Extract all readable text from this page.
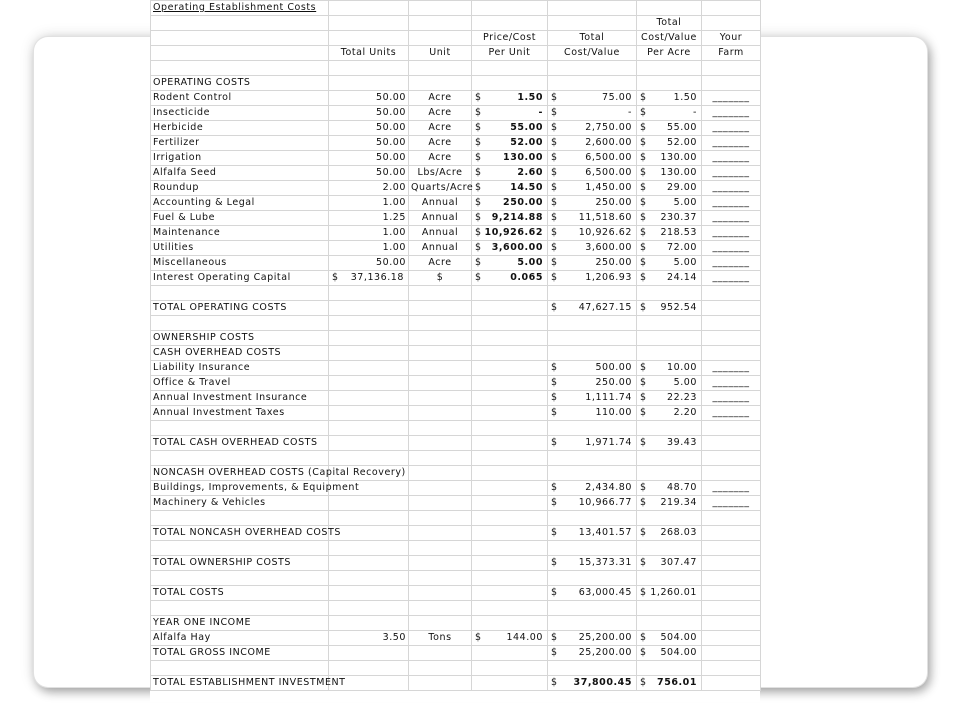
Operating Establishment Costs						
					Total	
			Price/Cost	Total	Cost/Value	Your
	Total Units	Unit	Per Unit	Cost/Value	Per Acre	Farm

OPERATING COSTS						
Rodent Control	50.00	Acre	$ 1.50	$ 75.00	$ 1.50	_______
Insecticide	50.00	Acre	$ -	$ -	$ -	_______
Herbicide	50.00	Acre	$ 55.00	$ 2,750.00	$ 55.00	_______
Fertilizer	50.00	Acre	$ 52.00	$ 2,600.00	$ 52.00	_______
Irrigation	50.00	Acre	$ 130.00	$ 6,500.00	$ 130.00	_______
Alfalfa Seed	50.00	Lbs/Acre	$ 2.60	$ 6,500.00	$ 130.00	_______
Roundup	2.00	Quarts/Acre	$ 14.50	$ 1,450.00	$ 29.00	_______
Accounting & Legal	1.00	Annual	$ 250.00	$ 250.00	$ 5.00	_______
Fuel & Lube	1.25	Annual	$ 9,214.88	$ 11,518.60	$ 230.37	_______
Maintenance	1.00	Annual	$ 10,926.62	$ 10,926.62	$ 218.53	_______
Utilities	1.00	Annual	$ 3,600.00	$ 3,600.00	$ 72.00	_______
Miscellaneous	50.00	Acre	$ 5.00	$ 250.00	$ 5.00	_______
Interest Operating Capital	$ 37,136.18	$	$ 0.065	$ 1,206.93	$ 24.14	_______

TOTAL OPERATING COSTS				$ 47,627.15	$ 952.54	

OWNERSHIP COSTS						
CASH OVERHEAD COSTS						
Liability Insurance				$ 500.00	$ 10.00	_______
Office & Travel				$ 250.00	$ 5.00	_______
Annual Investment Insurance				$ 1,111.74	$ 22.23	_______
Annual Investment Taxes				$ 110.00	$ 2.20	_______

TOTAL CASH OVERHEAD COSTS				$ 1,971.74	$ 39.43	

NONCASH OVERHEAD COSTS (Capital Recovery)						
Buildings, Improvements, & Equipment				$ 2,434.80	$ 48.70	_______
Machinery & Vehicles				$ 10,966.77	$ 219.34	_______

TOTAL NONCASH OVERHEAD COSTS				$ 13,401.57	$ 268.03	

TOTAL OWNERSHIP COSTS				$ 15,373.31	$ 307.47	

TOTAL COSTS				$ 63,000.45	$ 1,260.01	

YEAR ONE INCOME						
Alfalfa Hay	3.50	Tons	$ 144.00	$ 25,200.00	$ 504.00	

TOTAL GROSS INCOME				$ 25,200.00	$ 504.00	

TOTAL ESTABLISHMENT INVESTMENT				$ 37,800.45	$ 756.01	
